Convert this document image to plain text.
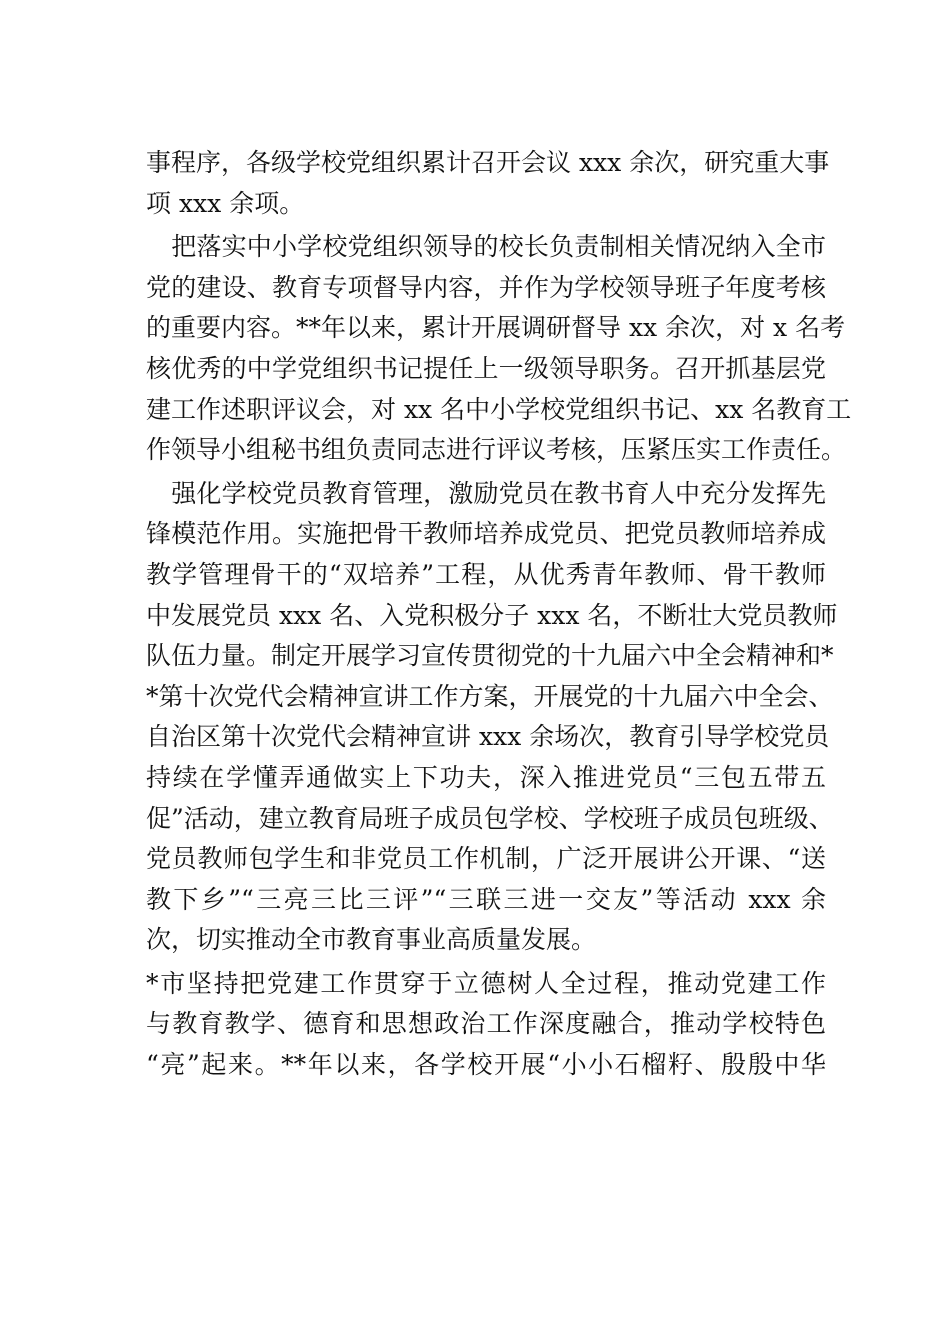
事程序，各级学校党组织累计召开会议 xxx 余次，研究重大事
项 xxx 余项。
　把落实中小学校党组织领导的校长负责制相关情况纳入全市
党的建设、教育专项督导内容，并作为学校领导班子年度考核
的重要内容。**年以来，累计开展调研督导 xx 余次，对 x 名考
核优秀的中学党组织书记提任上一级领导职务。召开抓基层党
建工作述职评议会，对 xx 名中小学校党组织书记、xx 名教育工
作领导小组秘书组负责同志进行评议考核，压紧压实工作责任。
　强化学校党员教育管理，激励党员在教书育人中充分发挥先
锋模范作用。实施把骨干教师培养成党员、把党员教师培养成
教学管理骨干的“双培养”工程，从优秀青年教师、骨干教师
中发展党员 xxx 名、入党积极分子 xxx 名，不断壮大党员教师
队伍力量。制定开展学习宣传贯彻党的十九届六中全会精神和*
*第十次党代会精神宣讲工作方案，开展党的十九届六中全会、
自治区第十次党代会精神宣讲 xxx 余场次，教育引导学校党员
持续在学懂弄通做实上下功夫，深入推进党员“三包五带五
促”活动，建立教育局班子成员包学校、学校班子成员包班级、
党员教师包学生和非党员工作机制，广泛开展讲公开课、“送
教下乡”“三亮三比三评”“三联三进一交友”等活动 xxx 余
次，切实推动全市教育事业高质量发展。
*市坚持把党建工作贯穿于立德树人全过程，推动党建工作
与教育教学、德育和思想政治工作深度融合，推动学校特色
“亮”起来。**年以来，各学校开展“小小石榴籽、殷殷中华
